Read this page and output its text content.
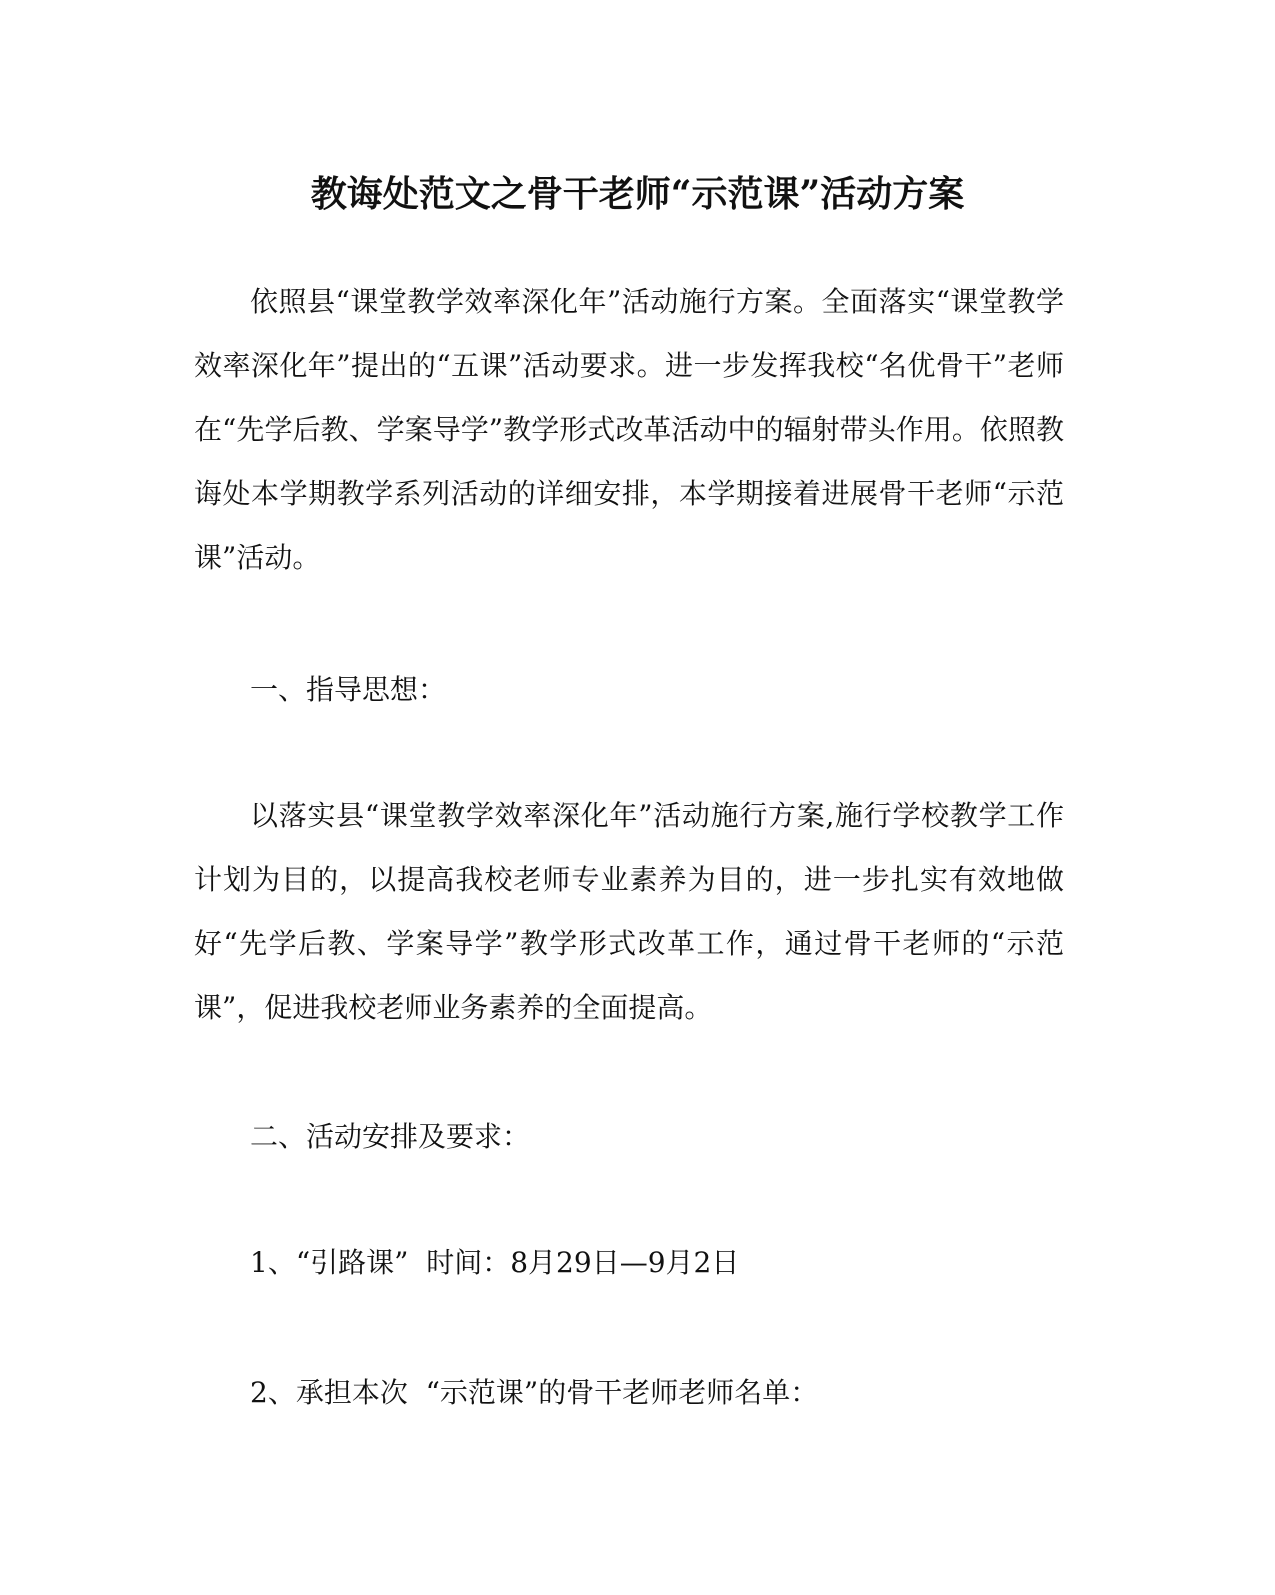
教诲处范文之骨干老师“示范课”活动方案

依照县“课堂教学效率深化年”活动施行方案。全面落实“课堂教学效率深化年”提出的“五课”活动要求。进一步发挥我校“名优骨干”老师在“先学后教、学案导学”教学形式改革活动中的辐射带头作用。依照教诲处本学期教学系列活动的详细安排，本学期接着进展骨干老师“示范课”活动。

一、指导思想：

以落实县“课堂教学效率深化年”活动施行方案,施行学校教学工作计划为目的，以提高我校老师专业素养为目的，进一步扎实有效地做好“先学后教、学案导学”教学形式改革工作，通过骨干老师的“示范课”，促进我校老师业务素养的全面提高。

二、活动安排及要求：

1、“引路课”  时间：8月29日—9月2日

2、承担本次  “示范课”的骨干老师老师名单：
